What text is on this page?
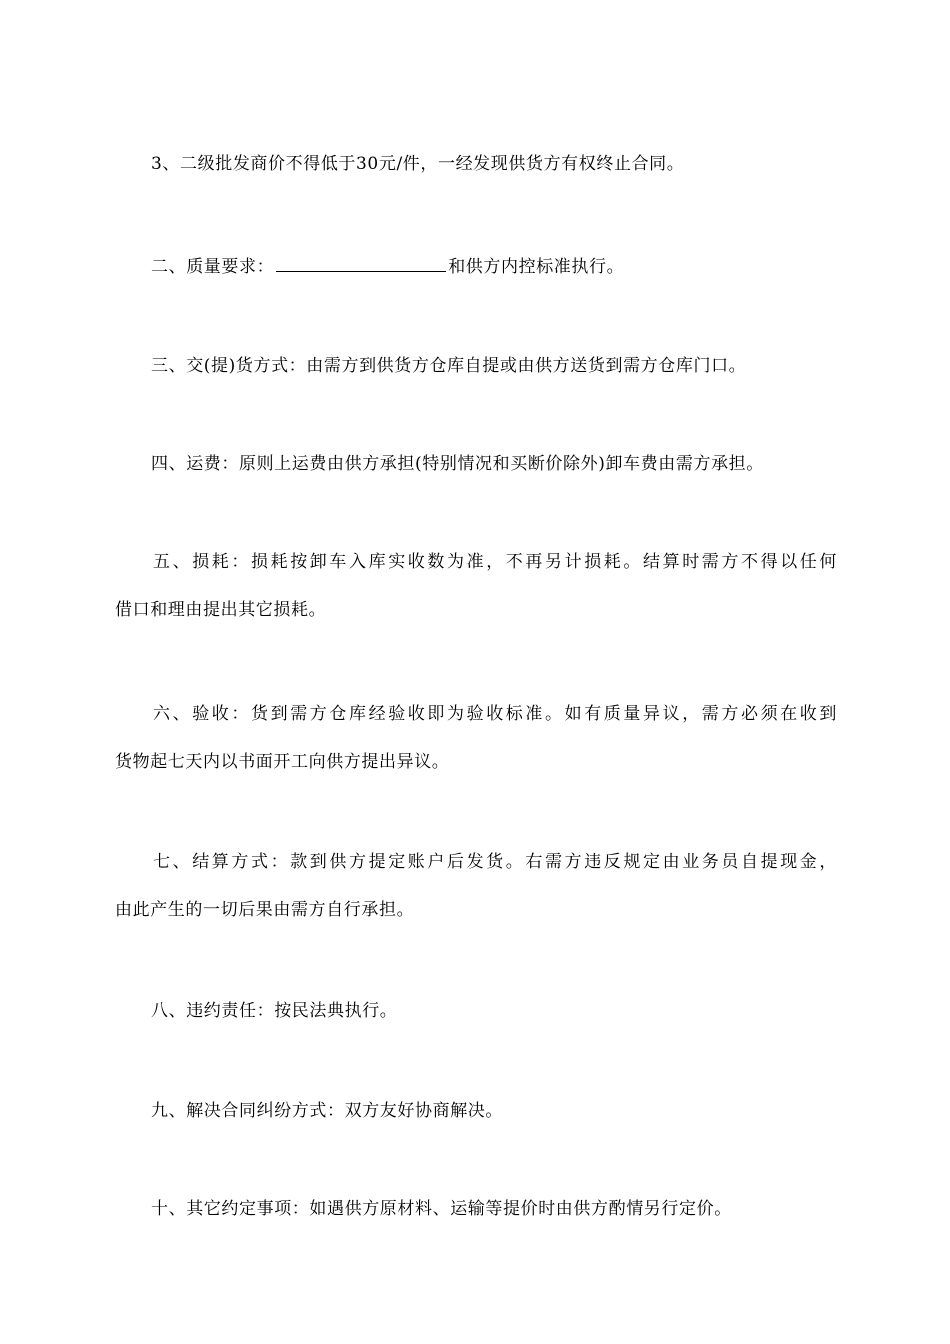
3、二级批发商价不得低于30元/件，一经发现供货方有权终止合同。

二、质量要求：	和供方内控标准执行。

三、交(提)货方式：由需方到供货方仓库自提或由供方送货到需方仓库门口。

四、运费：原则上运费由供方承担(特别情况和买断价除外)卸车费由需方承担。

五、损耗：损耗按卸车入库实收数为准，不再另计损耗。结算时需方不得以任何
借口和理由提出其它损耗。

六、验收：货到需方仓库经验收即为验收标准。如有质量异议，需方必须在收到
货物起七天内以书面开工向供方提出异议。

七、结算方式：款到供方提定账户后发货。右需方违反规定由业务员自提现金，
由此产生的一切后果由需方自行承担。

八、违约责任：按民法典执行。

九、解决合同纠纷方式：双方友好协商解决。

十、其它约定事项：如遇供方原材料、运输等提价时由供方酌情另行定价。
